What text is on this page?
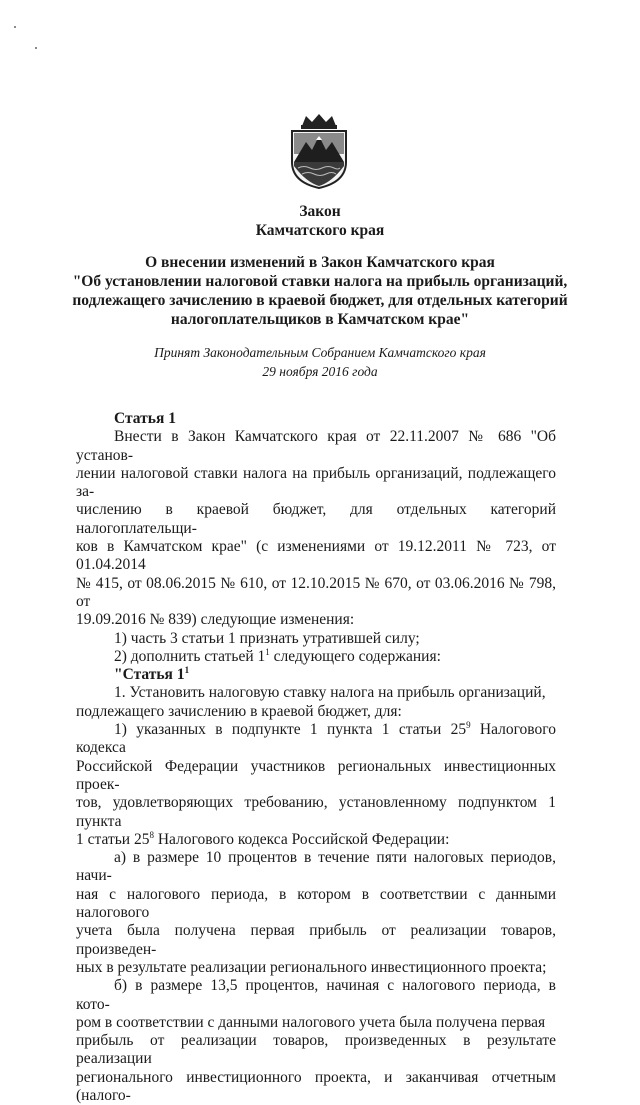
Закон
Камчатского края
О внесении изменений в Закон Камчатского края
"Об установлении налоговой ставки налога на прибыль организаций,
подлежащего зачислению в краевой бюджет, для отдельных категорий
налогоплательщиков в Камчатском крае"
Принят Законодательным Собранием Камчатского края
29 ноября 2016 года

Статья 1

Внести в Закон Камчатского края от 22.11.2007 № 686 "Об установ-

лении налоговой ставки налога на прибыль организаций, подлежащего за-

числению в краевой бюджет, для отдельных категорий налогоплательщи-

ков в Камчатском крае" (с изменениями от 19.12.2011 № 723, от 01.04.2014

№ 415, от 08.06.2015 № 610, от 12.10.2015 № 670, от 03.06.2016 № 798, от

19.09.2016 № 839) следующие изменения:

1) часть 3 статьи 1 признать утратившей силу;

2) дополнить статьей $1^1$ следующего содержания:

"Статья $1^1$

1. Установить налоговую ставку налога на прибыль организаций,

подлежащего зачислению в краевой бюджет, для:

1) указанных в подпункте 1 пункта 1 статьи $25^9$ Налогового кодекса

Российской Федерации участников региональных инвестиционных проек-

тов, удовлетворяющих требованию, установленному подпунктом 1 пункта

1 статьи $25^8$ Налогового кодекса Российской Федерации:

а) в размере 10 процентов в течение пяти налоговых периодов, начи-

ная с налогового периода, в котором в соответствии с данными налогового

учета была получена первая прибыль от реализации товаров, произведен-

ных в результате реализации регионального инвестиционного проекта;

б) в размере 13,5 процентов, начиная с налогового периода, в кото-

ром в соответствии с данными налогового учета была получена первая

прибыль от реализации товаров, произведенных в результате реализации

регионального инвестиционного проекта, и заканчивая отчетным (налого-
